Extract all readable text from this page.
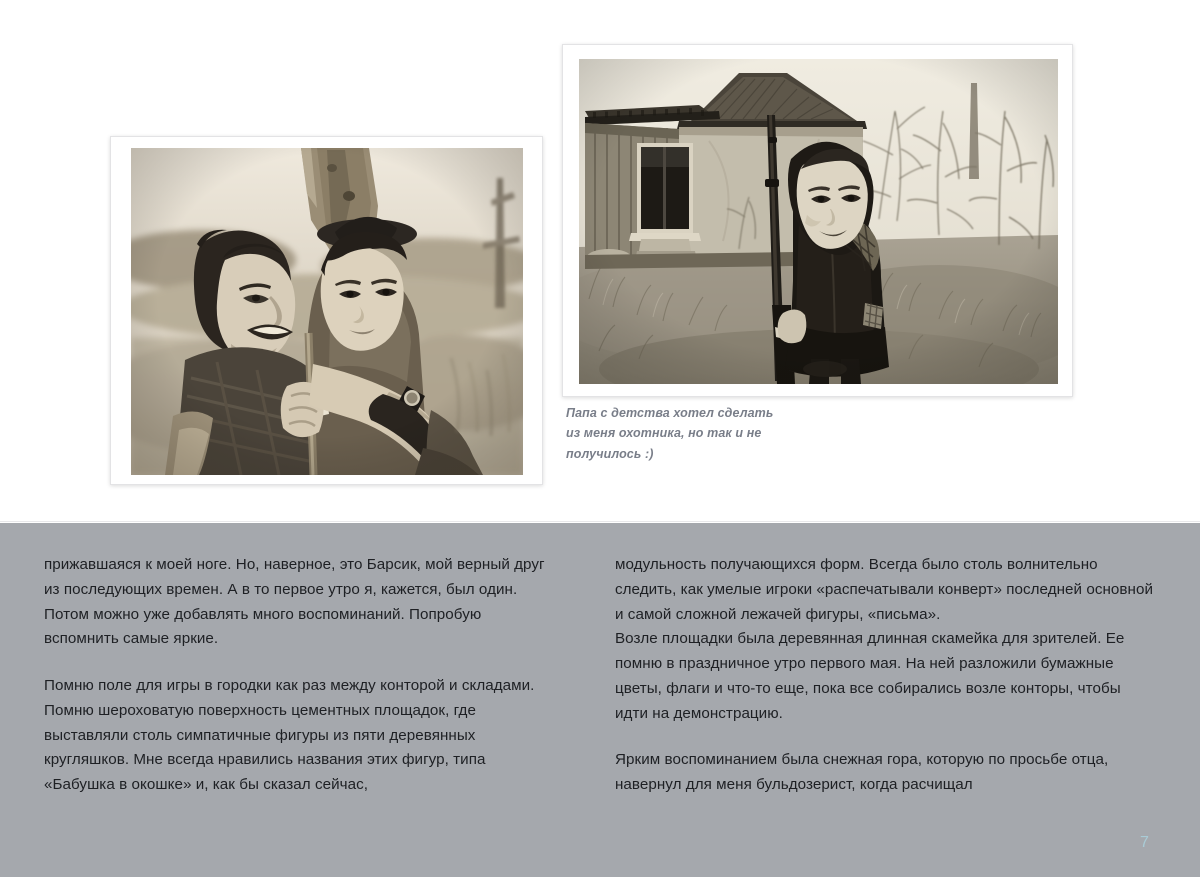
Папа с детства хотел сделать
из меня охотника, но так и не
получилось :)

прижавшаяся к моей ноге. Но, наверное, это Барсик, мой верный друг из последующих времен. А в то первое утро я, кажется, был один.

Потом можно уже добавлять много воспоминаний. Попробую вспомнить самые яркие.

Помню поле для игры в городки как раз между конторой и складами. Помню шероховатую поверхность цементных площадок, где выставляли столь симпатичные фигуры из пяти деревянных кругляшков. Мне всегда нравились названия этих фигур, типа «Бабушка в окошке» и, как бы сказал сейчас,

модульность получающихся форм. Всегда было столь волнительно следить, как умелые игроки «распечатывали конверт» последней основной и самой сложной лежачей фигуры, «письма».

Возле площадки была деревянная длинная скамейка для зрителей. Ее помню в праздничное утро первого мая. На ней разложили бумажные цветы, флаги и что-то еще, пока все собирались возле конторы, чтобы идти на демонстрацию.

Ярким воспоминанием была снежная гора, которую по просьбе отца, навернул для меня бульдозерист, когда расчищал

7
